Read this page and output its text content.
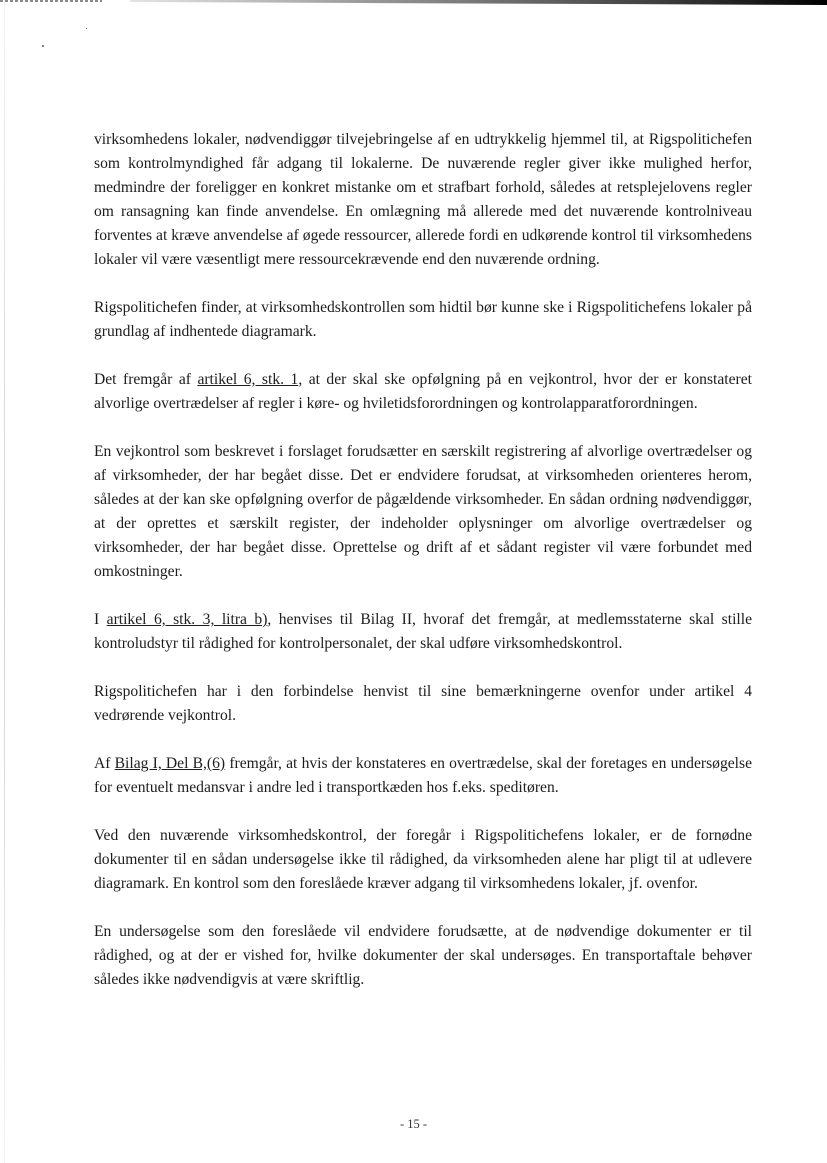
virksomhedens lokaler, nødvendiggør tilvejebringelse af en udtrykkelig hjemmel til, at Rigspolitichefen som kontrolmyndighed får adgang til lokalerne. De nuværende regler giver ikke mulighed herfor, medmindre der foreligger en konkret mistanke om et strafbart forhold, således at retsplejelovens regler om ransagning kan finde anvendelse. En omlægning må allerede med det nuværende kontrolniveau forventes at kræve anvendelse af øgede ressourcer, allerede fordi en udkørende kontrol til virksomhedens lokaler vil være væsentligt mere ressourcekrævende end den nuværende ordning.

Rigspolitichefen finder, at virksomhedskontrollen som hidtil bør kunne ske i Rigspolitichefens lokaler på grundlag af indhentede diagramark.

Det fremgår af artikel 6, stk. 1, at der skal ske opfølgning på en vejkontrol, hvor der er konstateret alvorlige overtrædelser af regler i køre- og hviletidsforordningen og kontrolapparatforordningen.

En vejkontrol som beskrevet i forslaget forudsætter en særskilt registrering af alvorlige overtrædelser og af virksomheder, der har begået disse. Det er endvidere forudsat, at virksomheden orienteres herom, således at der kan ske opfølgning overfor de pågældende virksomheder. En sådan ordning nødvendiggør, at der oprettes et særskilt register, der indeholder oplysninger om alvorlige overtrædelser og virksomheder, der har begået disse. Oprettelse og drift af et sådant register vil være forbundet med omkostninger.

I artikel 6, stk. 3, litra b), henvises til Bilag II, hvoraf det fremgår, at medlemsstaterne skal stille kontroludstyr til rådighed for kontrolpersonalet, der skal udføre virksomhedskontrol.

Rigspolitichefen har i den forbindelse henvist til sine bemærkningerne ovenfor under artikel 4 vedrørende vejkontrol.

Af Bilag I, Del B,(6) fremgår, at hvis der konstateres en overtrædelse, skal der foretages en undersøgelse for eventuelt medansvar i andre led i transportkæden hos f.eks. speditøren.

Ved den nuværende virksomhedskontrol, der foregår i Rigspolitichefens lokaler, er de fornødne dokumenter til en sådan undersøgelse ikke til rådighed, da virksomheden alene har pligt til at udlevere diagramark. En kontrol som den foreslåede kræver adgang til virksomhedens lokaler, jf. ovenfor.

En undersøgelse som den foreslåede vil endvidere forudsætte, at de nødvendige dokumenter er til rådighed, og at der er vished for, hvilke dokumenter der skal undersøges. En transportaftale behøver således ikke nødvendigvis at være skriftlig.

- 15 -
